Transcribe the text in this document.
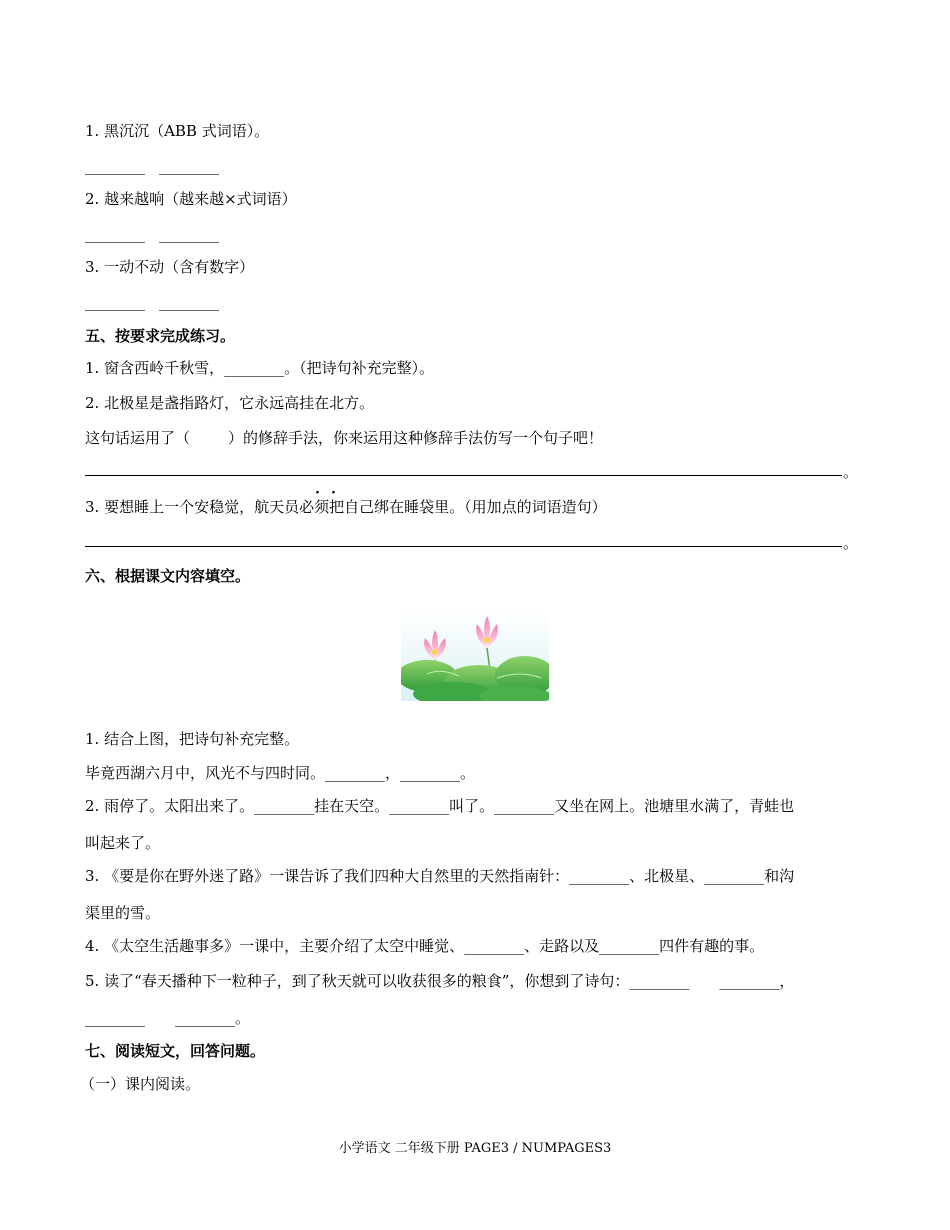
1. 黑沉沉（ABB 式词语）。
________ ________
2. 越来越响（越来越×式词语）
________ ________
3. 一动不动（含有数字）
________ ________
五、按要求完成练习。
1. 窗含西岭千秋雪，________。（把诗句补充完整）。
2. 北极星是盏指路灯，它永远高挂在北方。
这句话运用了（	）的修辞手法，你来运用这种修辞手法仿写一个句子吧！
。
· ·
3. 要想睡上一个安稳觉，航天员必须把自己绑在睡袋里。（用加点的词语造句）
。
六、根据课文内容填空。
1. 结合上图，把诗句补充完整。
毕竟西湖六月中，风光不与四时同。________，________。
2. 雨停了。太阳出来了。________挂在天空。________叫了。________又坐在网上。池塘里水满了，青蛙也
叫起来了。
3. 《要是你在野外迷了路》一课告诉了我们四种大自然里的天然指南针：________、北极星、________和沟
渠里的雪。
4. 《太空生活趣事多》一课中，主要介绍了太空中睡觉、________、走路以及________四件有趣的事。
5. 读了“春天播种下一粒种子，到了秋天就可以收获很多的粮食”，你想到了诗句：________ ________，
________ ________。
七、阅读短文，回答问题。
（一）课内阅读。
小学语文 二年级下册 PAGE3 / NUMPAGES3
